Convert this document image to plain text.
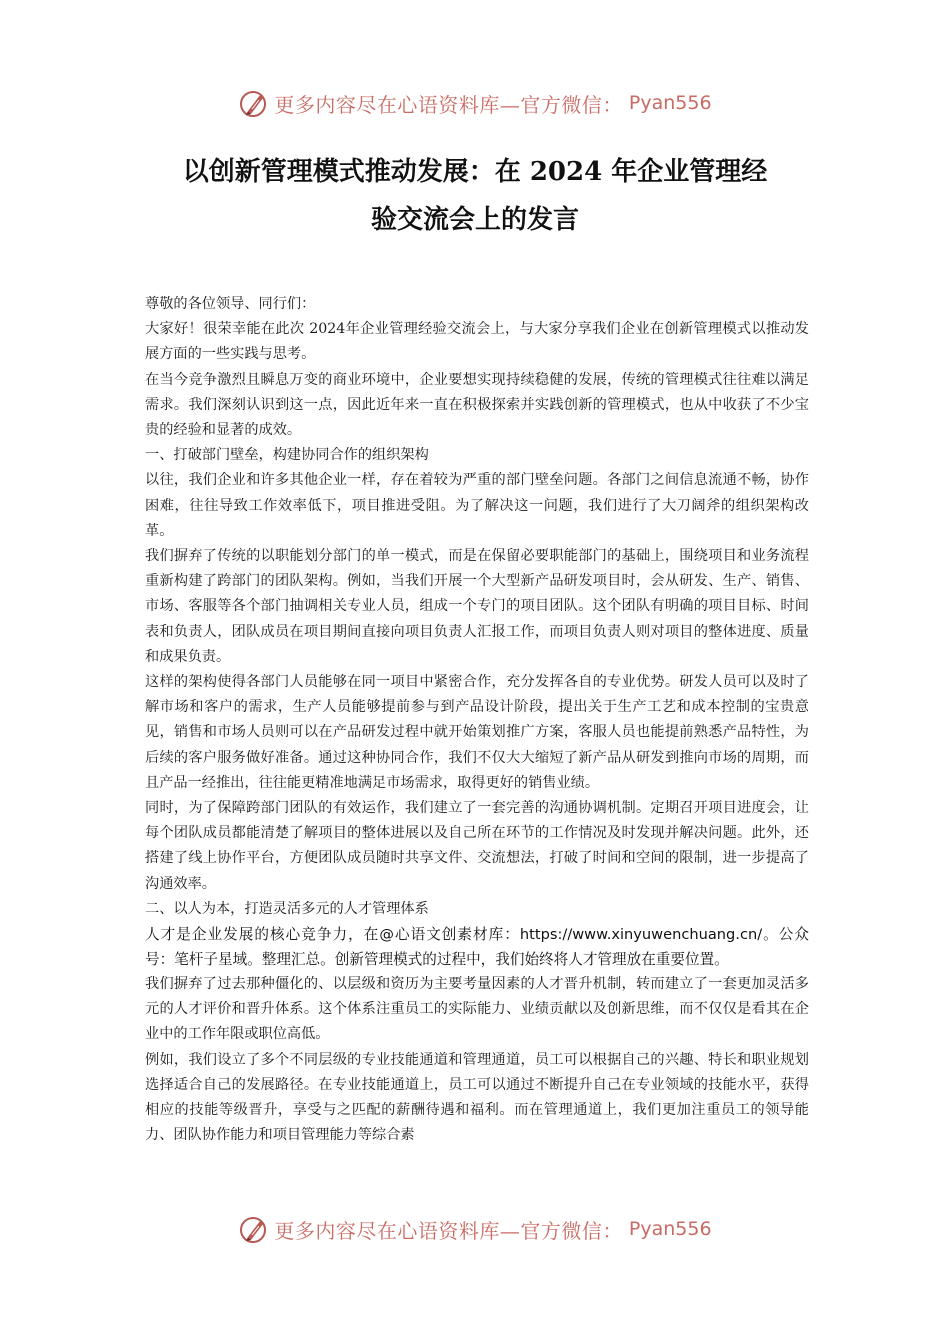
更多内容尽在心语资料库—官方微信： Pyan556
以创新管理模式推动发展：在 2024 年企业管理经
验交流会上的发言

尊敬的各位领导、同行们：

大家好！很荣幸能在此次 2024年企业管理经验交流会上，与大家分享我们企业在创新管理模式以推动发展方面的一些实践与思考。

在当今竞争激烈且瞬息万变的商业环境中，企业要想实现持续稳健的发展，传统的管理模式往往难以满足需求。我们深刻认识到这一点，因此近年来一直在积极探索并实践创新的管理模式，也从中收获了不少宝贵的经验和显著的成效。

一、打破部门壁垒，构建协同合作的组织架构

以往，我们企业和许多其他企业一样，存在着较为严重的部门壁垒问题。各部门之间信息流通不畅，协作困难，往往导致工作效率低下，项目推进受阻。为了解决这一问题，我们进行了大刀阔斧的组织架构改革。

我们摒弃了传统的以职能划分部门的单一模式，而是在保留必要职能部门的基础上，围绕项目和业务流程重新构建了跨部门的团队架构。例如，当我们开展一个大型新产品研发项目时，会从研发、生产、销售、市场、客服等各个部门抽调相关专业人员，组成一个专门的项目团队。这个团队有明确的项目目标、时间表和负责人，团队成员在项目期间直接向项目负责人汇报工作，而项目负责人则对项目的整体进度、质量和成果负责。

这样的架构使得各部门人员能够在同一项目中紧密合作，充分发挥各自的专业优势。研发人员可以及时了解市场和客户的需求，生产人员能够提前参与到产品设计阶段，提出关于生产工艺和成本控制的宝贵意见，销售和市场人员则可以在产品研发过程中就开始策划推广方案，客服人员也能提前熟悉产品特性，为后续的客户服务做好准备。通过这种协同合作，我们不仅大大缩短了新产品从研发到推向市场的周期，而且产品一经推出，往往能更精准地满足市场需求，取得更好的销售业绩。

同时，为了保障跨部门团队的有效运作，我们建立了一套完善的沟通协调机制。定期召开项目进度会，让每个团队成员都能清楚了解项目的整体进展以及自己所在环节的工作情况及时发现并解决问题。此外，还搭建了线上协作平台，方便团队成员随时共享文件、交流想法，打破了时间和空间的限制，进一步提高了沟通效率。

二、以人为本，打造灵活多元的人才管理体系

人才是企业发展的核心竞争力，在@心语文创素材库：https://www.xinyuwenchuang.cn/。公众号：笔杆子星域。整理汇总。创新管理模式的过程中，我们始终将人才管理放在重要位置。

我们摒弃了过去那种僵化的、以层级和资历为主要考量因素的人才晋升机制，转而建立了一套更加灵活多元的人才评价和晋升体系。这个体系注重员工的实际能力、业绩贡献以及创新思维，而不仅仅是看其在企业中的工作年限或职位高低。

例如，我们设立了多个不同层级的专业技能通道和管理通道，员工可以根据自己的兴趣、特长和职业规划选择适合自己的发展路径。在专业技能通道上，员工可以通过不断提升自己在专业领域的技能水平，获得相应的技能等级晋升，享受与之匹配的薪酬待遇和福利。而在管理通道上，我们更加注重员工的领导能力、团队协作能力和项目管理能力等综合素

更多内容尽在心语资料库—官方微信： Pyan556
